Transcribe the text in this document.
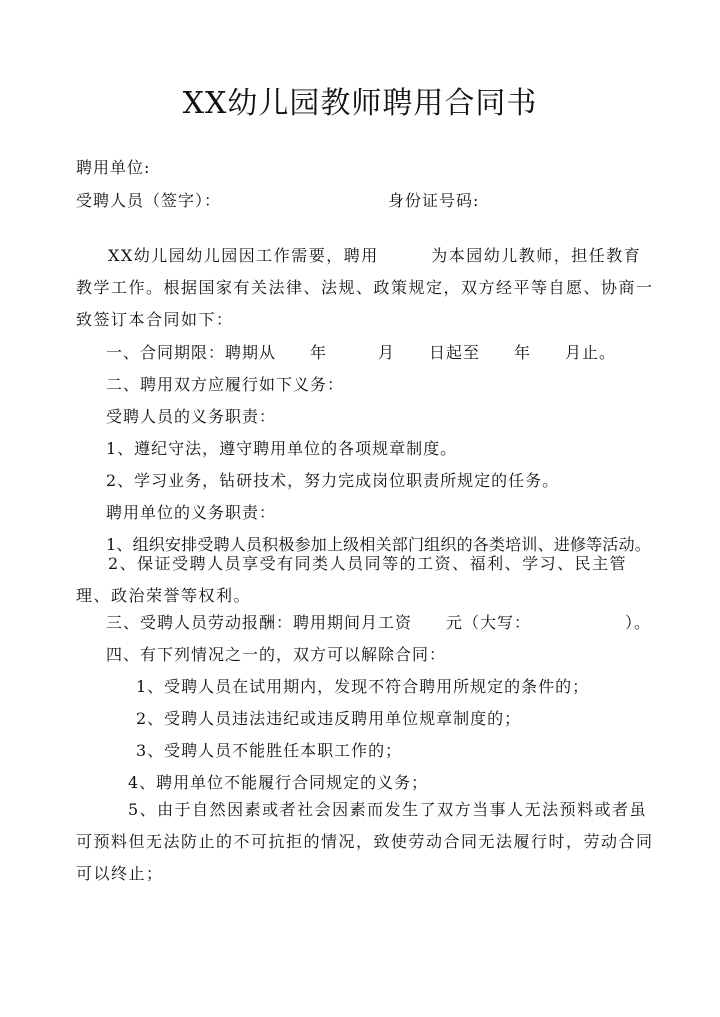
XX幼儿园教师聘用合同书
聘用单位:
受聘人员（签字）：	身份证号码:
XX幼儿园幼儿园因工作需要，聘用　　　为本园幼儿教师，担任教育教学工作。根据国家有关法律、法规、政策规定，双方经平等自愿、协商一致签订本合同如下：
一、合同期限：聘期从　　年　　　月　　日起至　　年　　月止。
二、聘用双方应履行如下义务：
受聘人员的义务职责：
1、遵纪守法，遵守聘用单位的各项规章制度。
2、学习业务，钻研技术，努力完成岗位职责所规定的任务。
聘用单位的义务职责：
1、组织安排受聘人员积极参加上级相关部门组织的各类培训、进修等活动。
2、保证受聘人员享受有同类人员同等的工资、福利、学习、民主管理、政治荣誉等权利。
三、受聘人员劳动报酬：聘用期间月工资　　元（大写：　　　　　　）。
四、有下列情况之一的，双方可以解除合同：
1、受聘人员在试用期内，发现不符合聘用所规定的条件的；
2、受聘人员违法违纪或违反聘用单位规章制度的；
3、受聘人员不能胜任本职工作的；
4、聘用单位不能履行合同规定的义务；
5、由于自然因素或者社会因素而发生了双方当事人无法预料或者虽可预料但无法防止的不可抗拒的情况，致使劳动合同无法履行时，劳动合同可以终止；
